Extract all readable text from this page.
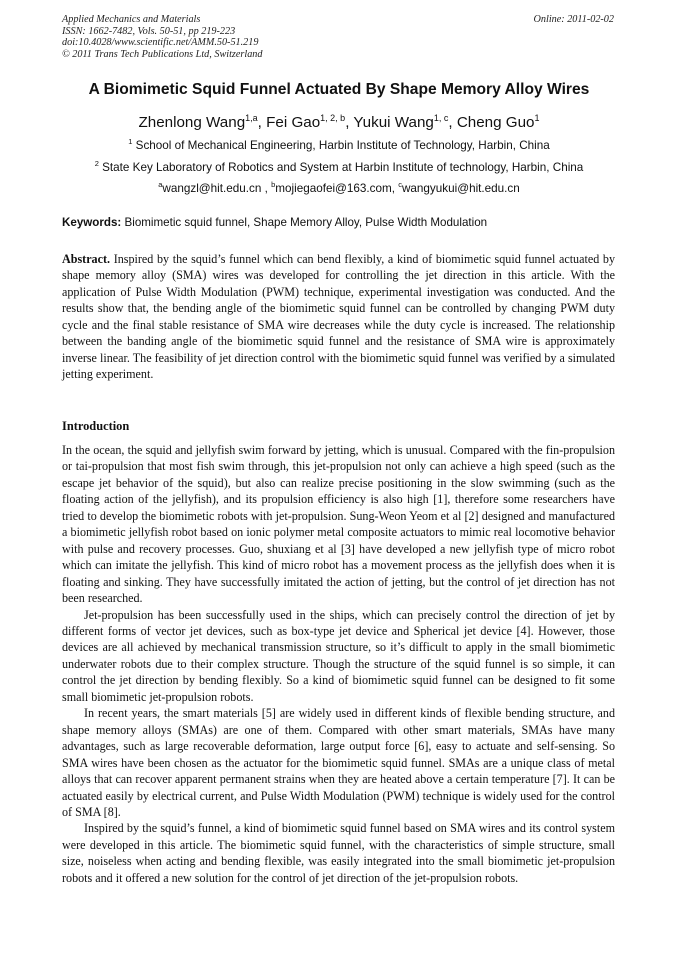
Applied Mechanics and Materials
ISSN: 1662-7482, Vols. 50-51, pp 219-223
doi:10.4028/www.scientific.net/AMM.50-51.219
© 2011 Trans Tech Publications Ltd, Switzerland
Online: 2011-02-02
A Biomimetic Squid Funnel Actuated By Shape Memory Alloy Wires
Zhenlong Wang$^{1,a}$, Fei Gao$^{1, 2, b}$, Yukui Wang$^{1, c}$, Cheng Guo$^1$
$^1$ School of Mechanical Engineering, Harbin Institute of Technology, Harbin, China
$^2$ State Key Laboratory of Robotics and System at Harbin Institute of technology, Harbin, China
$^a$wangzl@hit.edu.cn , $^b$mojiegaofei@163.com, $^c$wangyukui@hit.edu.cn
Keywords: Biomimetic squid funnel, Shape Memory Alloy, Pulse Width Modulation
Abstract. Inspired by the squid’s funnel which can bend flexibly, a kind of biomimetic squid funnel actuated by shape memory alloy (SMA) wires was developed for controlling the jet direction in this article. With the application of Pulse Width Modulation (PWM) technique, experimental investigation was conducted. And the results show that, the bending angle of the biomimetic squid funnel can be controlled by changing PWM duty cycle and the final stable resistance of SMA wire decreases while the duty cycle is increased. The relationship between the banding angle of the biomimetic squid funnel and the resistance of SMA wire is approximately inverse linear. The feasibility of jet direction control with the biomimetic squid funnel was verified by a simulated jetting experiment.
Introduction

In the ocean, the squid and jellyfish swim forward by jetting, which is unusual. Compared with the fin-propulsion or tai-propulsion that most fish swim through, this jet-propulsion not only can achieve a high speed (such as the escape jet behavior of the squid), but also can realize precise positioning in the slow swimming (such as the floating action of the jellyfish), and its propulsion efficiency is also high [1], therefore some researchers have tried to develop the biomimetic robots with jet-propulsion. Sung-Weon Yeom et al [2] designed and manufactured a biomimetic jellyfish robot based on ionic polymer metal composite actuators to mimic real locomotive behavior with pulse and recovery processes. Guo, shuxiang et al [3] have developed a new jellyfish type of micro robot which can imitate the jellyfish. This kind of micro robot has a movement process as the jellyfish does when it is floating and sinking. They have successfully imitated the action of jetting, but the control of jet direction has not been researched.

Jet-propulsion has been successfully used in the ships, which can precisely control the direction of jet by different forms of vector jet devices, such as box-type jet device and Spherical jet device [4]. However, those devices are all achieved by mechanical transmission structure, so it’s difficult to apply in the small biomimetic underwater robots due to their complex structure. Though the structure of the squid funnel is so simple, it can control the jet direction by bending flexibly. So a kind of biomimetic squid funnel can be designed to fit some small biomimetic jet-propulsion robots.

In recent years, the smart materials [5] are widely used in different kinds of flexible bending structure, and shape memory alloys (SMAs) are one of them. Compared with other smart materials, SMAs have many advantages, such as large recoverable deformation, large output force [6], easy to actuate and self-sensing. So SMA wires have been chosen as the actuator for the biomimetic squid funnel. SMAs are a unique class of metal alloys that can recover apparent permanent strains when they are heated above a certain temperature [7]. It can be actuated easily by electrical current, and Pulse Width Modulation (PWM) technique is widely used for the control of SMA [8].

Inspired by the squid’s funnel, a kind of biomimetic squid funnel based on SMA wires and its control system were developed in this article. The biomimetic squid funnel, with the characteristics of simple structure, small size, noiseless when acting and bending flexible, was easily integrated into the small biomimetic jet-propulsion robots and it offered a new solution for the control of jet direction of the jet-propulsion robots.
